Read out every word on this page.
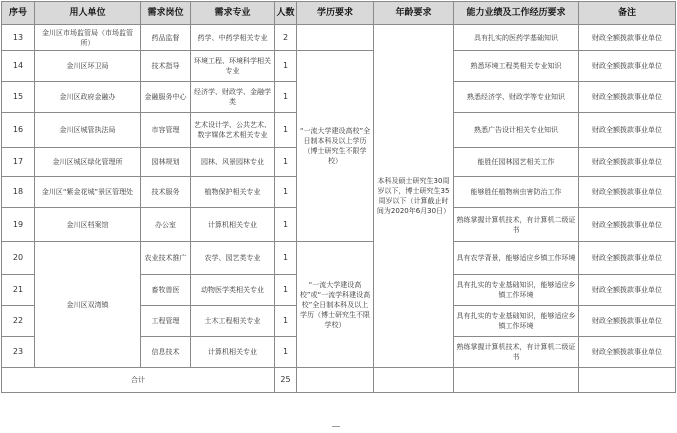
序号	用人单位	需求岗位	需求专业	人数	学历要求	年龄要求	能力业绩及工作经历要求	备注
13	金川区市场监管局（市场监管所）	药品监督	药学、中药学相关专业	2		本科及硕士研究生30周岁以下，博士研究生35周岁以下（计算截止时间为2020年6月30日）	具有扎实的医药学基础知识	财政全额拨款事业单位
14	金川区环卫局	技术指导	环境工程、环境科学相关专业	1	“一流大学建设高校”全日制本科及以上学历（博士研究生不限学校）		熟悉环境工程类相关专业知识	财政全额拨款事业单位
15	金川区政府金融办	金融服务中心	经济学、财政学、金融学类	1			熟悉经济学、财政学等专业知识	财政全额拨款事业单位
16	金川区城管执法局	市容管理	艺术设计学、公共艺术、数字媒体艺术相关专业	1			熟悉广告设计相关专业知识	财政全额拨款事业单位
17	金川区城区绿化管理所	园林规划	园林、风景园林专业	1			能胜任园林园艺相关工作	财政全额拨款事业单位
18	金川区“紫金花城”景区管理处	技术服务	植物保护相关专业	1			能够胜任植物病虫害防治工作	财政全额拨款事业单位
19	金川区档案馆	办公室	计算机相关专业	1			熟练掌握计算机技术，有计算机二级证书	财政全额拨款事业单位
20	金川区双湾镇	农业技术推广	农学、园艺类专业	1	“一流大学建设高校”或“一流学科建设高校”全日制本科及以上学历（博士研究生不限学校）		具有农学背景，能够适应乡镇工作环境	财政全额拨款事业单位
21		畜牧兽医	动物医学类相关专业	1			具有扎实的专业基础知识，能够适应乡镇工作环境	财政全额拨款事业单位
22		工程管理	土木工程相关专业	1			具有扎实的专业基础知识，能够适应乡镇工作环境	财政全额拨款事业单位
23		信息技术	计算机相关专业	1			熟练掌握计算机技术，有计算机二级证书	财政全额拨款事业单位
合计				25				
